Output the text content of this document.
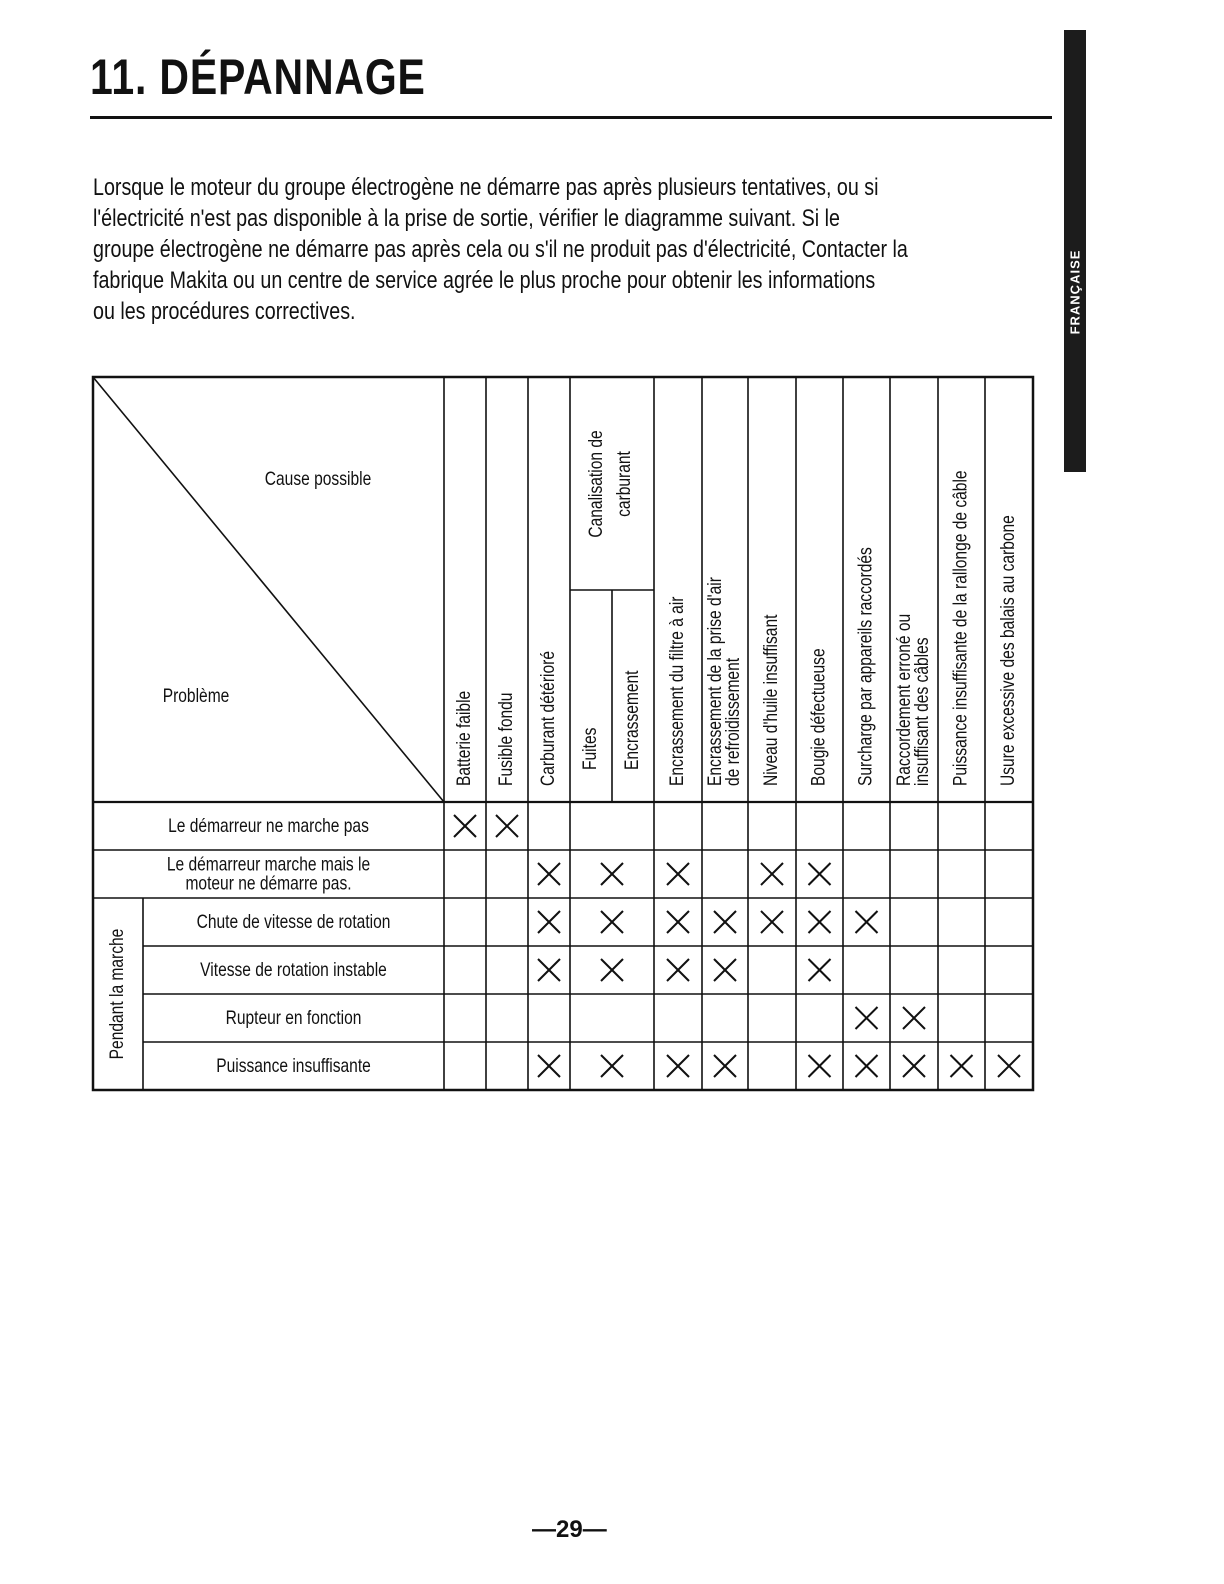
11. DÉPANNAGE
Lorsque le moteur du groupe électrogène ne démarre pas après plusieurs tentatives, ou si
l'électricité n'est pas disponible à la prise de sortie, vérifier le diagramme suivant. Si le
groupe électrogène ne démarre pas après cela ou s'il ne produit pas d'électricité, Contacter la
fabrique Makita ou un centre de service agrée le plus proche pour obtenir les informations
ou les procédures correctives.	FRANÇAISE
Cause possible
Problème
Canalisation de carburant
Batterie faible Fusible fondu Carburant détérioré Fuites Encrassement Encrassement du filtre à air Encrassement de la prise d'air
de refroidissement Niveau d'huile insuffisant Bougie défectueuse Surcharge par appareils raccordés Raccordement erroné ou
insuffisant des câbles Puissance insuffisante de la rallonge de câble Usure excessive des balais au carbone
Pendant la marche
Le démarreur ne marche pas
Le démarreur marche mais le
moteur ne démarre pas.
Chute de vitesse de rotation
Vitesse de rotation instable
Rupteur en fonction
Puissance insuffisante
—29—
